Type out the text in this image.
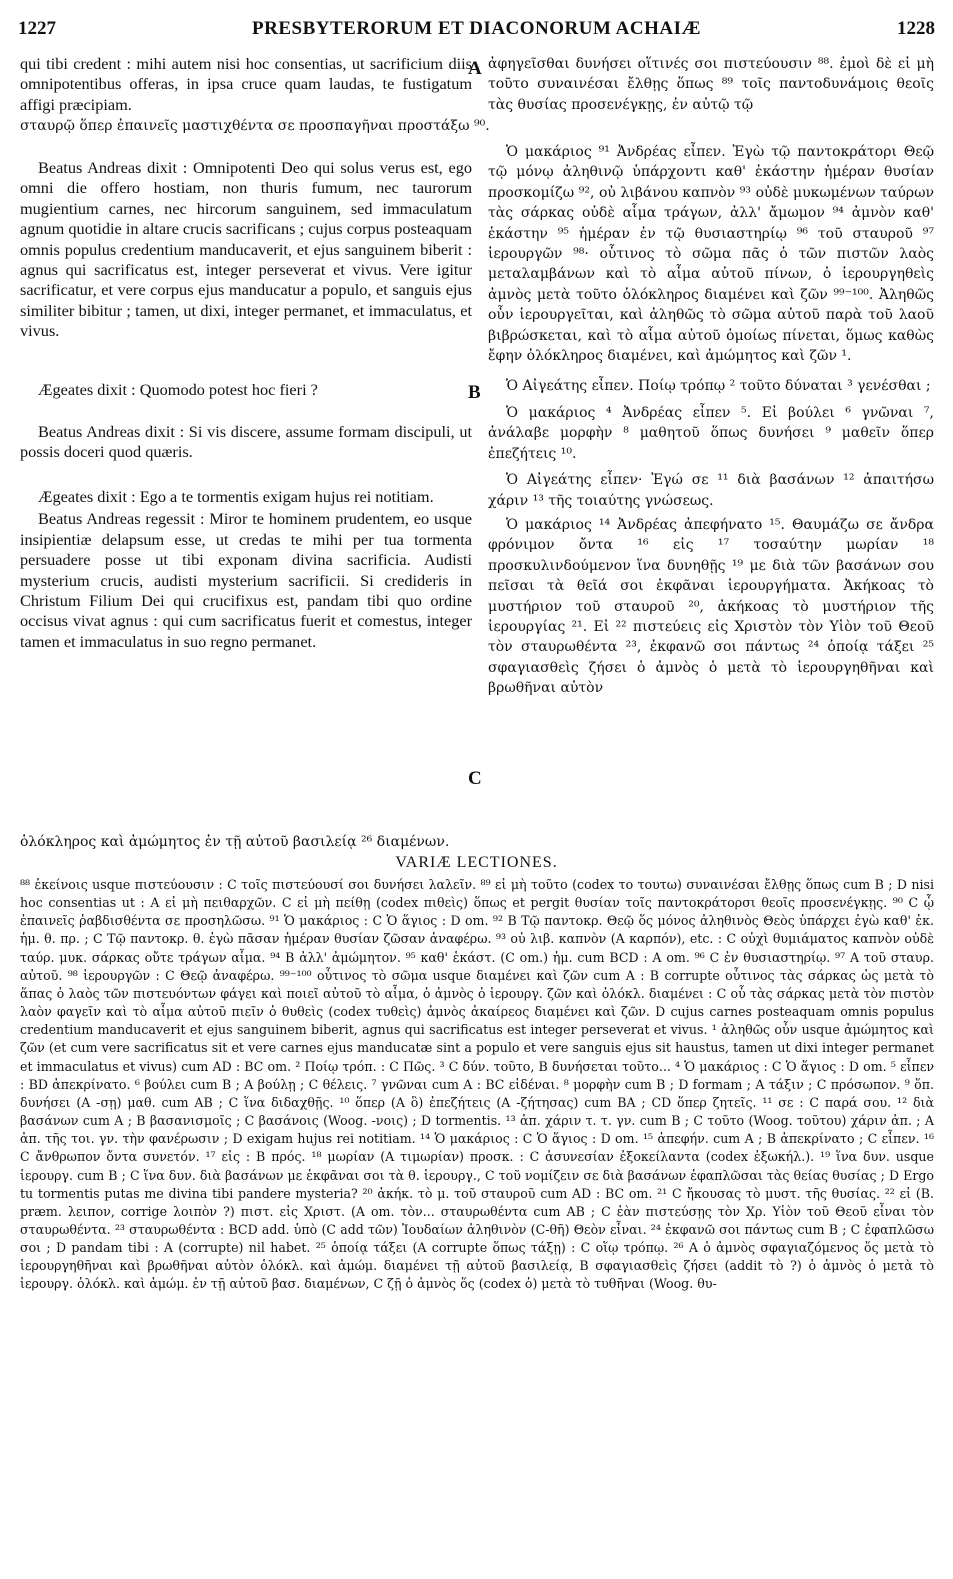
1227	PRESBYTERORUM ET DIACONORUM ACHAIÆ	1228

qui tibi credent : mihi autem nisi hoc consentias, ut sacrificium diis omnipotentibus offeras, in ipsa cruce quam laudas, te fustigatum affigi præcipiam.

Beatus Andreas dixit : Omnipotenti Deo qui solus verus est, ego omni die offero hostiam, non thuris fumum, nec taurorum mugientium carnes, nec hircorum sanguinem, sed immaculatum agnum quotidie in altare crucis sacrificans ; cujus corpus posteaquam omnis populus credentium manducaverit, et ejus sanguinem biberit : agnus qui sacrificatus est, integer perseverat et vivus. Vere igitur sacrificatur, et vere corpus ejus manducatur a populo, et sanguis ejus similiter bibitur ; tamen, ut dixi, integer permanet, et immaculatus, et vivus.

Ægeates dixit : Quomodo potest hoc fieri ?

Beatus Andreas dixit : Si vis discere, assume formam discipuli, ut possis doceri quod quæris.

Ægeates dixit : Ego a te tormentis exigam hujus rei notitiam.

Beatus Andreas regessit : Miror te hominem prudentem, eo usque insipientiæ delapsum esse, ut credas te mihi per tua tormenta persuadere posse ut tibi exponam divina sacrificia. Audisti mysterium crucis, audisti mysterium sacrificii. Si credideris in Christum Filium Dei qui crucifixus est, pandam tibi quo ordine occisus vivat agnus : qui cum sacrificatus fuerit et comestus, integer tamen et immaculatus in suo regno permanet.

A
B
C

ἀφηγεῖσθαι δυνήσει οἵτινές σοι πιστεύουσιν ⁸⁸. ἐμοὶ δὲ εἰ μὴ τοῦτο συναινέσαι ἔλθῃς ὅπως ⁸⁹ τοῖς παντοδυνάμοις θεοῖς τὰς θυσίας προσενέγκῃς, ἐν αὐτῷ τῷ

Ὁ μακάριος ⁹¹ Ἀνδρέας εἶπεν. Ἐγὼ τῷ παντοκράτορι Θεῷ τῷ μόνῳ ἀληθινῷ ὑπάρχοντι καθ' ἑκάστην ἡμέραν θυσίαν προσκομίζω ⁹², οὐ λιβάνου καπνὸν ⁹³ οὐδὲ μυκωμένων ταύρων τὰς σάρκας οὐδὲ αἷμα τράγων, ἀλλ' ἄμωμον ⁹⁴ ἀμνὸν καθ' ἑκάστην ⁹⁵ ἡμέραν ἐν τῷ θυσιαστηρίῳ ⁹⁶ τοῦ σταυροῦ ⁹⁷ ἱερουργῶν ⁹⁸· οὗτινος τὸ σῶμα πᾶς ὁ τῶν πιστῶν λαὸς μεταλαμβάνων καὶ τὸ αἷμα αὐτοῦ πίνων, ὁ ἱερουργηθεὶς ἀμνὸς μετὰ τοῦτο ὁλόκληρος διαμένει καὶ ζῶν ⁹⁹⁻¹⁰⁰. Ἀληθῶς οὖν ἱερουργεῖται, καὶ ἀληθῶς τὸ σῶμα αὐτοῦ παρὰ τοῦ λαοῦ βιβρώσκεται, καὶ τὸ αἷμα αὐτοῦ ὁμοίως πίνεται, ὅμως καθὼς ἔφην ὁλόκληρος διαμένει, καὶ ἀμώμητος καὶ ζῶν ¹.

Ὁ Αἰγεάτης εἶπεν. Ποίῳ τρόπῳ ² τοῦτο δύναται ³ γενέσθαι ;

Ὁ μακάριος ⁴ Ἀνδρέας εἶπεν ⁵. Εἰ βούλει ⁶ γνῶναι ⁷, ἀνάλαβε μορφὴν ⁸ μαθητοῦ ὅπως δυνήσει ⁹ μαθεῖν ὅπερ ἐπεζήτεις ¹⁰.

Ὁ Αἰγεάτης εἶπεν· Ἐγώ σε ¹¹ διὰ βασάνων ¹² ἀπαιτήσω χάριν ¹³ τῆς τοιαύτης γνώσεως.

Ὁ μακάριος ¹⁴ Ἀνδρέας ἀπεφήνατο ¹⁵. Θαυμάζω σε ἄνδρα φρόνιμον ὄντα ¹⁶ εἰς ¹⁷ τοσαύτην μωρίαν ¹⁸ προσκυλινδούμενον ἵνα δυνηθῇς ¹⁹ με διὰ τῶν βασάνων σου πεῖσαι τὰ θεῖά σοι ἐκφᾶναι ἱερουργήματα. Ἀκήκοας τὸ μυστήριον τοῦ σταυροῦ ²⁰, ἀκήκοας τὸ μυστήριον τῆς ἱερουργίας ²¹. Εἰ ²² πιστεύεις εἰς Χριστὸν τὸν Υἱὸν τοῦ Θεοῦ τὸν σταυρωθέντα ²³, ἐκφανῶ σοι πάντως ²⁴ ὁποίᾳ τάξει ²⁵ σφαγιασθεὶς ζήσει ὁ ἀμνὸς ὁ μετὰ τὸ ἱερουργηθῆναι καὶ βρωθῆναι αὐτὸν

σταυρῷ ὅπερ ἐπαινεῖς μαστιχθέντα σε προσπαγῆναι προστάξω ⁹⁰.
ὁλόκληρος καὶ ἀμώμητος ἐν τῇ αὐτοῦ βασιλείᾳ ²⁶ διαμένων.
VARIÆ LECTIONES.

⁸⁸ ἐκείνοις usque πιστεύουσιν : C τοῖς πιστεύουσί σοι δυνήσει λαλεῖν. ⁸⁹ εἰ μὴ τοῦτο (codex το τουτω) συναινέσαι ἔλθῃς ὅπως cum B ; D nisi hoc consentias ut : A εἰ μὴ πειθαρχῶν. C εἰ μὴ πείθῃ (codex πιθεὶς) ὅπως et pergit θυσίαν τοῖς παντοκράτορσι θεοῖς προσενέγκῃς. ⁹⁰ C ᾧ ἐπαινεῖς ῥαβδισθέντα σε προσηλῶσω. ⁹¹ Ὁ μακάριος : C Ὁ ἅγιος : D om. ⁹² B Τῷ παντοκρ. Θεῷ ὅς μόνος ἀληθινὸς Θεὸς ὑπάρχει ἐγὼ καθ' ἑκ. ἡμ. θ. πρ. ; C Τῷ παντοκρ. θ. ἐγὼ πᾶσαν ἡμέραν θυσίαν ζῶσαν ἀναφέρω. ⁹³ οὐ λιβ. καπνὸν (A καρπόν), etc. : C οὐχὶ θυμιάματος καπνὸν οὐδὲ ταύρ. μυκ. σάρκας οὔτε τράγων αἷμα. ⁹⁴ B ἀλλ' ἀμώμητον. ⁹⁵ καθ' ἑκάστ. (C om.) ἡμ. cum BCD : A om. ⁹⁶ C ἐν θυσιαστηρίῳ. ⁹⁷ A τοῦ σταυρ. αὐτοῦ. ⁹⁸ ἱερουργῶν : C Θεῷ ἀναφέρω. ⁹⁹⁻¹⁰⁰ οὗτινος τὸ σῶμα usque διαμένει καὶ ζῶν cum A : B corrupte οὗτινος τὰς σάρκας ὡς μετὰ τὸ ἅπας ὁ λαὸς τῶν πιστευόντων φάγει καὶ ποιεῖ αὐτοῦ τὸ αἷμα, ὁ ἀμνὸς ὁ ἱερουργ. ζῶν καὶ ὁλόκλ. διαμένει : C οὗ τὰς σάρκας μετὰ τὸν πιστὸν λαὸν φαγεῖν καὶ τὸ αἷμα αὐτοῦ πιεῖν ὁ θυθεὶς (codex τυθεὶς) ἀμνὸς ἀκαίρεος διαμένει καὶ ζῶν. D cujus carnes posteaquam omnis populus credentium manducaverit et ejus sanguinem biberit, agnus qui sacrificatus est integer perseverat et vivus. ¹ ἀληθῶς οὖν usque ἀμώμητος καὶ ζῶν (et cum vere sacrificatus sit et vere carnes ejus manducatæ sint a populo et vere sanguis ejus sit haustus, tamen ut dixi integer permanet et immaculatus et vivus) cum AD : BC om. ² Ποίῳ τρόπ. : C Πῶς. ³ C δύν. τοῦτο, B δυνήσεται τοῦτο... ⁴ Ὁ μακάριος : C Ὁ ἅγιος : D om. ⁵ εἶπεν : BD ἀπεκρίνατο. ⁶ βούλει cum B ; A βούλῃ ; C θέλεις. ⁷ γνῶναι cum A : BC εἰδέναι. ⁸ μορφὴν cum B ; D formam ; A τάξιν ; C πρόσωπον. ⁹ ὅπ. δυνήσει (A -σῃ) μαθ. cum AB ; C ἵνα διδαχθῇς. ¹⁰ ὅπερ (A ὃ) ἐπεζήτεις (A -ζήτησας) cum BA ; CD ὅπερ ζητεῖς. ¹¹ σε : C παρά σου. ¹² διὰ βασάνων cum A ; B βασανισμοῖς ; C βασάνοις (Woog. -νοις) ; D tormentis. ¹³ ἀπ. χάριν τ. τ. γν. cum B ; C τοῦτο (Woog. τοῦτου) χάριν ἀπ. ; A ἀπ. τῆς τοι. γν. τὴν φανέρωσιν ; D exigam hujus rei notitiam. ¹⁴ Ὁ μακάριος : C Ὁ ἅγιος : D om. ¹⁵ ἀπεφήν. cum A ; B ἀπεκρίνατο ; C εἶπεν. ¹⁶ C ἄνθρωπον ὄντα συνετόν. ¹⁷ εἰς : B πρός. ¹⁸ μωρίαν (A τιμωρίαν) προσκ. : C ἀσυνεσίαν ἐξοκείλαντα (codex ἐξωκήλ.). ¹⁹ ἵνα δυν. usque ἱερουργ. cum B ; C ἵνα δυν. διὰ βασάνων με ἐκφᾶναι σοι τὰ θ. ἱερουργ., C τοῦ νομίζειν σε διὰ βασάνων ἐφαπλῶσαι τὰς θείας θυσίας ; D Ergo tu tormentis putas me divina tibi pandere mysteria? ²⁰ ἀκήκ. τὸ μ. τοῦ σταυροῦ cum AD : BC om. ²¹ C ἤκουσας τὸ μυστ. τῆς θυσίας. ²² εἰ (B. præm. λειπον, corrige λοιπὸν ?) πιστ. εἰς Χριστ. (A om. τὸν... σταυρωθέντα cum AB ; C ἐὰν πιστεύσῃς τὸν Χρ. Υἱὸν τοῦ Θεοῦ εἶναι τὸν σταυρωθέντα. ²³ σταυρωθέντα : BCD add. ὑπὸ (C add τῶν) Ἰουδαίων ἀληθινὸν (C-θῆ) Θεὸν εἶναι. ²⁴ ἐκφανῶ σοι πάντως cum B ; C ἐφαπλῶσω σοι ; D pandam tibi : A (corrupte) nil habet. ²⁵ ὁποίᾳ τάξει (A corrupte ὅπως τάξῃ) : C οἵῳ τρόπῳ. ²⁶ A ὁ ἀμνὸς σφαγιαζόμενος ὅς μετὰ τὸ ἱερουργηθῆναι καὶ βρωθῆναι αὐτὸν ὁλόκλ. καὶ ἀμώμ. διαμένει τῇ αὐτοῦ βασιλείᾳ, B σφαγιασθεὶς ζήσει (addit τὸ ?) ὁ ἀμνὸς ὁ μετὰ τὸ ἱερουργ. ὁλόκλ. καὶ ἀμώμ. ἐν τῇ αὐτοῦ βασ. διαμένων, C ζῇ ὁ ἀμνὸς ὅς (codex ὁ) μετὰ τὸ τυθῆναι (Woog. θυ-
